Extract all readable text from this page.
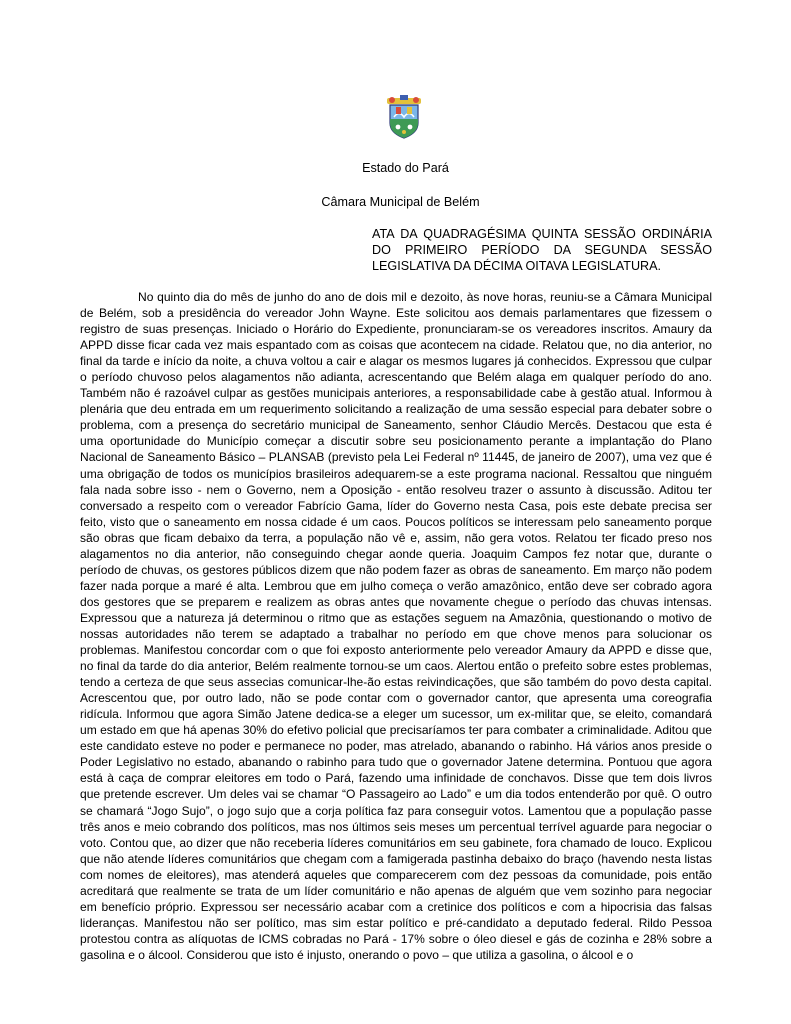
Estado do Pará
Câmara Municipal de Belém
ATA DA QUADRAGÉSIMA QUINTA SESSÃO ORDINÁRIA DO PRIMEIRO PERÍODO DA SEGUNDA SESSÃO LEGISLATIVA DA DÉCIMA OITAVA LEGISLATURA.

No quinto dia do mês de junho do ano de dois mil e dezoito, às nove horas, reuniu-se a Câmara Municipal de Belém, sob a presidência do vereador John Wayne. Este solicitou aos demais parlamentares que fizessem o registro de suas presenças. Iniciado o Horário do Expediente, pronunciaram-se os vereadores inscritos. Amaury da APPD disse ficar cada vez mais espantado com as coisas que acontecem na cidade. Relatou que, no dia anterior, no final da tarde e início da noite, a chuva voltou a cair e alagar os mesmos lugares já conhecidos. Expressou que culpar o período chuvoso pelos alagamentos não adianta, acrescentando que Belém alaga em qualquer período do ano. Também não é razoável culpar as gestões municipais anteriores, a responsabilidade cabe à gestão atual. Informou à plenária que deu entrada em um requerimento solicitando a realização de uma sessão especial para debater sobre o problema, com a presença do secretário municipal de Saneamento, senhor Cláudio Mercês. Destacou que esta é uma oportunidade do Município começar a discutir sobre seu posicionamento perante a implantação do Plano Nacional de Saneamento Básico – PLANSAB (previsto pela Lei Federal nº 11445, de janeiro de 2007), uma vez que é uma obrigação de todos os municípios brasileiros adequarem-se a este programa nacional. Ressaltou que ninguém fala nada sobre isso - nem o Governo, nem a Oposição - então resolveu trazer o assunto à discussão. Aditou ter conversado a respeito com o vereador Fabrício Gama, líder do Governo nesta Casa, pois este debate precisa ser feito, visto que o saneamento em nossa cidade é um caos. Poucos políticos se interessam pelo saneamento porque são obras que ficam debaixo da terra, a população não vê e, assim, não gera votos. Relatou ter ficado preso nos alagamentos no dia anterior, não conseguindo chegar aonde queria. Joaquim Campos fez notar que, durante o período de chuvas, os gestores públicos dizem que não podem fazer as obras de saneamento. Em março não podem fazer nada porque a maré é alta. Lembrou que em julho começa o verão amazônico, então deve ser cobrado agora dos gestores que se preparem e realizem as obras antes que novamente chegue o período das chuvas intensas. Expressou que a natureza já determinou o ritmo que as estações seguem na Amazônia, questionando o motivo de nossas autoridades não terem se adaptado a trabalhar no período em que chove menos para solucionar os problemas. Manifestou concordar com o que foi exposto anteriormente pelo vereador Amaury da APPD e disse que, no final da tarde do dia anterior, Belém realmente tornou-se um caos. Alertou então o prefeito sobre estes problemas, tendo a certeza de que seus assecias comunicar-lhe-ão estas reivindicações, que são também do povo desta capital. Acrescentou que, por outro lado, não se pode contar com o governador cantor, que apresenta uma coreografia ridícula. Informou que agora Simão Jatene dedica-se a eleger um sucessor, um ex-militar que, se eleito, comandará um estado em que há apenas 30% do efetivo policial que precisaríamos ter para combater a criminalidade. Aditou que este candidato esteve no poder e permanece no poder, mas atrelado, abanando o rabinho. Há vários anos preside o Poder Legislativo no estado, abanando o rabinho para tudo que o governador Jatene determina. Pontuou que agora está à caça de comprar eleitores em todo o Pará, fazendo uma infinidade de conchavos. Disse que tem dois livros que pretende escrever. Um deles vai se chamar “O Passageiro ao Lado” e um dia todos entenderão por quê. O outro se chamará “Jogo Sujo”, o jogo sujo que a corja política faz para conseguir votos. Lamentou que a população passe três anos e meio cobrando dos políticos, mas nos últimos seis meses um percentual terrível aguarde para negociar o voto. Contou que, ao dizer que não receberia líderes comunitários em seu gabinete, fora chamado de louco. Explicou que não atende líderes comunitários que chegam com a famigerada pastinha debaixo do braço (havendo nesta listas com nomes de eleitores), mas atenderá aqueles que comparecerem com dez pessoas da comunidade, pois então acreditará que realmente se trata de um líder comunitário e não apenas de alguém que vem sozinho para negociar em benefício próprio. Expressou ser necessário acabar com a cretinice dos políticos e com a hipocrisia das falsas lideranças. Manifestou não ser político, mas sim estar político e pré-candidato a deputado federal. Rildo Pessoa protestou contra as alíquotas de ICMS cobradas no Pará - 17% sobre o óleo diesel e gás de cozinha e 28% sobre a gasolina e o álcool. Considerou que isto é injusto, onerando o povo – que utiliza a gasolina, o álcool e o
